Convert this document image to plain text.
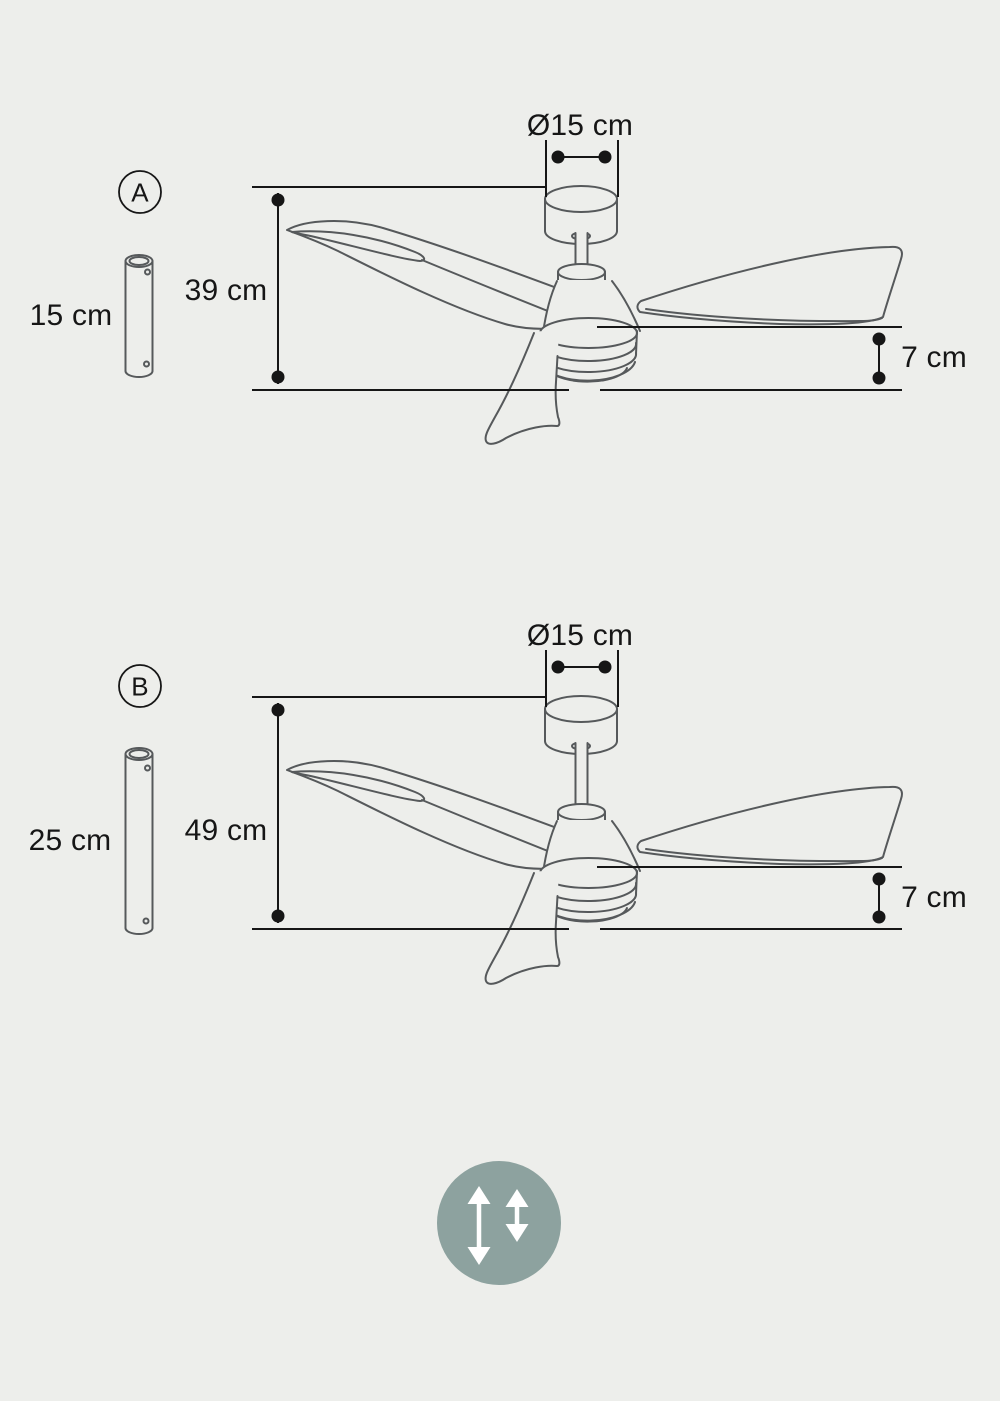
A
15 cm
39 cm
Ø15 cm
7 cm
B
25 cm 49 cm
Ø15 cm
7 cm
